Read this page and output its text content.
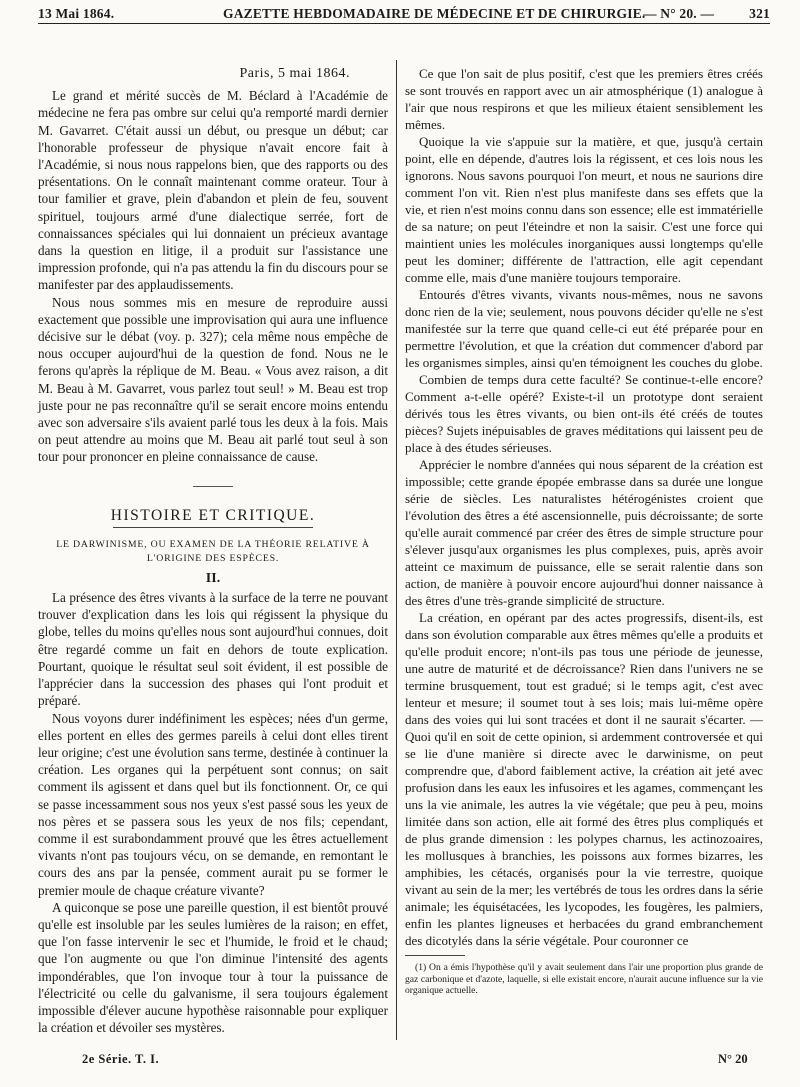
13 Mai 1864.	GAZETTE HEBDOMADAIRE DE MÉDECINE ET DE CHIRURGIE.
— N° 20. —	321
Paris, 5 mai 1864.

Le grand et mérité succès de M. Béclard à l'Académie de médecine ne fera pas ombre sur celui qu'a remporté mardi dernier M. Gavarret. C'était aussi un début, ou presque un début; car l'honorable professeur de physique n'avait encore fait à l'Académie, si nous nous rappelons bien, que des rapports ou des présentations. On le connaît maintenant comme orateur. Tour à tour familier et grave, plein d'abandon et plein de feu, souvent spirituel, toujours armé d'une dialectique serrée, fort de connaissances spéciales qui lui donnaient un précieux avantage dans la question en litige, il a produit sur l'assistance une impression profonde, qui n'a pas attendu la fin du discours pour se manifester par des applaudissements.

Nous nous sommes mis en mesure de reproduire aussi exactement que possible une improvisation qui aura une influence décisive sur le débat (voy. p. 327); cela même nous empêche de nous occuper aujourd'hui de la question de fond. Nous ne le ferons qu'après la réplique de M. Beau. « Vous avez raison, a dit M. Beau à M. Gavarret, vous parlez tout seul! » M. Beau est trop juste pour ne pas reconnaître qu'il se serait encore moins entendu avec son adversaire s'ils avaient parlé tous les deux à la fois. Mais on peut attendre au moins que M. Beau ait parlé tout seul à son tour pour prononcer en pleine connaissance de cause.

HISTOIRE ET CRITIQUE.
LE DARWINISME, OU EXAMEN DE LA THÉORIE RELATIVE À L'ORIGINE DES ESPÈCES.
II.

La présence des êtres vivants à la surface de la terre ne pouvant trouver d'explication dans les lois qui régissent la physique du globe, telles du moins qu'elles nous sont aujourd'hui connues, doit être regardé comme un fait en dehors de toute explication. Pourtant, quoique le résultat seul soit évident, il est possible de l'apprécier dans la succession des phases qui l'ont produit et préparé.

Nous voyons durer indéfiniment les espèces; nées d'un germe, elles portent en elles des germes pareils à celui dont elles tirent leur origine; c'est une évolution sans terme, destinée à continuer la création. Les organes qui la perpétuent sont connus; on sait comment ils agissent et dans quel but ils fonctionnent. Or, ce qui se passe incessamment sous nos yeux s'est passé sous les yeux de nos pères et se passera sous les yeux de nos fils; cependant, comme il est surabondamment prouvé que les êtres actuellement vivants n'ont pas toujours vécu, on se demande, en remontant le cours des ans par la pensée, comment aurait pu se former le premier moule de chaque créature vivante?

A quiconque se pose une pareille question, il est bientôt prouvé qu'elle est insoluble par les seules lumières de la raison; en effet, que l'on fasse intervenir le sec et l'humide, le froid et le chaud; que l'on augmente ou que l'on diminue l'intensité des agents impondérables, que l'on invoque tour à tour la puissance de l'électricité ou celle du galvanisme, il sera toujours également impossible d'élever aucune hypothèse raisonnable pour expliquer la création et dévoiler ses mystères.

Ce que l'on sait de plus positif, c'est que les premiers êtres créés se sont trouvés en rapport avec un air atmosphérique (1) analogue à l'air que nous respirons et que les milieux étaient sensiblement les mêmes.

Quoique la vie s'appuie sur la matière, et que, jusqu'à certain point, elle en dépende, d'autres lois la régissent, et ces lois nous les ignorons. Nous savons pourquoi l'on meurt, et nous ne saurions dire comment l'on vit. Rien n'est plus manifeste dans ses effets que la vie, et rien n'est moins connu dans son essence; elle est immatérielle de sa nature; on peut l'éteindre et non la saisir. C'est une force qui maintient unies les molécules inorganiques aussi longtemps qu'elle peut les dominer; différente de l'attraction, elle agit cependant comme elle, mais d'une manière toujours temporaire.

Entourés d'êtres vivants, vivants nous-mêmes, nous ne savons donc rien de la vie; seulement, nous pouvons décider qu'elle ne s'est manifestée sur la terre que quand celle-ci eut été préparée pour en permettre l'évolution, et que la création dut commencer d'abord par les organismes simples, ainsi qu'en témoignent les couches du globe.

Combien de temps dura cette faculté? Se continue-t-elle encore? Comment a-t-elle opéré? Existe-t-il un prototype dont seraient dérivés tous les êtres vivants, ou bien ont-ils été créés de toutes pièces? Sujets inépuisables de graves méditations qui laissent peu de place à des études sérieuses.

Apprécier le nombre d'années qui nous séparent de la création est impossible; cette grande épopée embrasse dans sa durée une longue série de siècles. Les naturalistes hétérogénistes croient que l'évolution des êtres a été ascensionnelle, puis décroissante; de sorte qu'elle aurait commencé par créer des êtres de simple structure pour s'élever jusqu'aux organismes les plus complexes, puis, après avoir atteint ce maximum de puissance, elle se serait ralentie dans son action, de manière à pouvoir encore aujourd'hui donner naissance à des êtres d'une très-grande simplicité de structure.

La création, en opérant par des actes progressifs, disent-ils, est dans son évolution comparable aux êtres mêmes qu'elle a produits et qu'elle produit encore; n'ont-ils pas tous une période de jeunesse, une autre de maturité et de décroissance? Rien dans l'univers ne se termine brusquement, tout est gradué; si le temps agit, c'est avec lenteur et mesure; il soumet tout à ses lois; mais lui-même opère dans des voies qui lui sont tracées et dont il ne saurait s'écarter. — Quoi qu'il en soit de cette opinion, si ardemment controversée et qui se lie d'une manière si directe avec le darwinisme, on peut comprendre que, d'abord faiblement active, la création ait jeté avec profusion dans les eaux les infusoires et les agames, commençant les uns la vie animale, les autres la vie végétale; que peu à peu, moins limitée dans son action, elle ait formé des êtres plus compliqués et de plus grande dimension : les polypes charnus, les actinozoaires, les mollusques à branchies, les poissons aux formes bizarres, les amphibies, les cétacés, organisés pour la vie terrestre, quoique vivant au sein de la mer; les vertébrés de tous les ordres dans la série animale; les équisétacées, les lycopodes, les fougères, les palmiers, enfin les plantes ligneuses et herbacées du grand embranchement des dicotylés dans la série végétale. Pour couronner ce

(1) On a émis l'hypothèse qu'il y avait seulement dans l'air une proportion plus grande de gaz carbonique et d'azote, laquelle, si elle existait encore, n'aurait aucune influence sur la vie organique actuelle.
2e Série. T. I.	N° 20
